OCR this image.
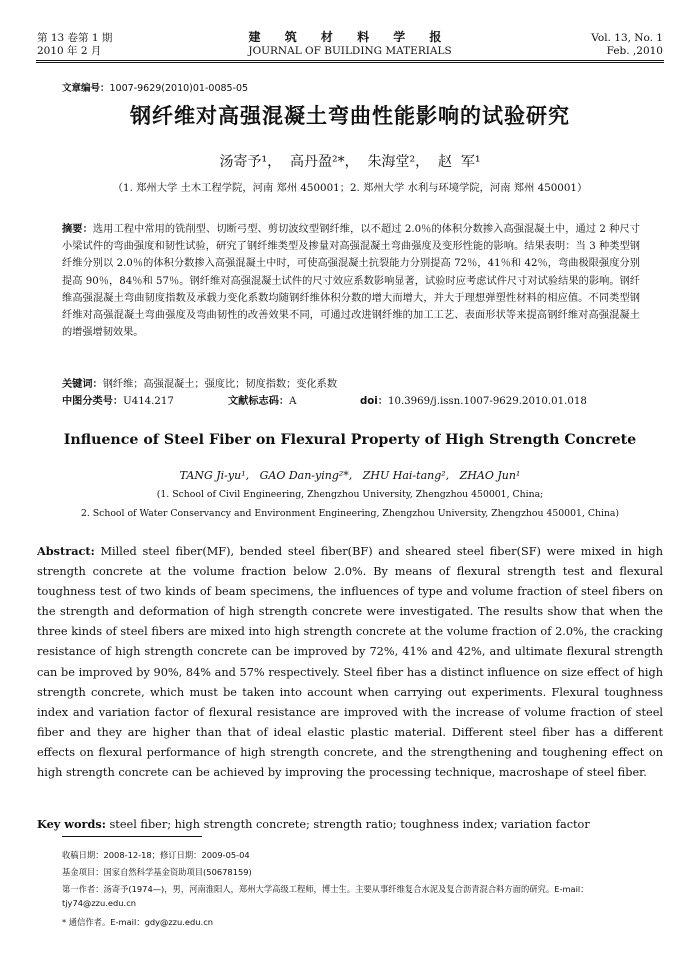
第 13 卷第 1 期
2010 年 2 月
建 筑 材 料 学 报
JOURNAL OF BUILDING MATERIALS
Vol. 13, No. 1
Feb. ,2010
文章编号：1007-9629(2010)01-0085-05
钢纤维对高强混凝土弯曲性能影响的试验研究
汤寄予¹，  高丹盈²*，  朱海堂²，  赵  军¹
（1. 郑州大学 土木工程学院，河南 郑州 450001；2. 郑州大学 水利与环境学院，河南 郑州 450001）
摘要：选用工程中常用的铣削型、切断弓型、剪切波纹型钢纤维，以不超过 2.0％的体积分数掺入高强混凝土中，通过 2 种尺寸小梁试件的弯曲强度和韧性试验，研究了钢纤维类型及掺量对高强混凝土弯曲强度及变形性能的影响。结果表明：当 3 种类型钢纤维分别以 2.0％的体积分数掺入高强混凝土中时，可使高强混凝土抗裂能力分别提高 72％，41％和 42％，弯曲极限强度分别提高 90％，84％和 57％。钢纤维对高强混凝土试件的尺寸效应系数影响显著，试验时应考虑试件尺寸对试验结果的影响。钢纤维高强混凝土弯曲韧度指数及承载力变化系数均随钢纤维体积分数的增大而增大，并大于理想弹塑性材料的相应值。不同类型钢纤维对高强混凝土弯曲强度及弯曲韧性的改善效果不同，可通过改进钢纤维的加工工艺、表面形状等来提高钢纤维对高强混凝土的增强增韧效果。
关键词：钢纤维；高强混凝土；强度比；韧度指数；变化系数
中图分类号：U414.217	文献标志码：A	doi：10.3969/j.issn.1007-9629.2010.01.018
Influence of Steel Fiber on Flexural Property of High Strength Concrete
TANG Ji-yu¹,   GAO Dan-ying²*,   ZHU Hai-tang²,   ZHAO Jun¹
(1. School of Civil Engineering, Zhengzhou University, Zhengzhou 450001, China;
2. School of Water Conservancy and Environment Engineering, Zhengzhou University, Zhengzhou 450001, China)
Abstract: Milled steel fiber(MF), bended steel fiber(BF) and sheared steel fiber(SF) were mixed in high strength concrete at the volume fraction below 2.0%. By means of flexural strength test and flexural toughness test of two kinds of beam specimens, the influences of type and volume fraction of steel fibers on the strength and deformation of high strength concrete were investigated. The results show that when the three kinds of steel fibers are mixed into high strength concrete at the volume fraction of 2.0%, the cracking resistance of high strength concrete can be improved by 72%, 41% and 42%, and ultimate flexural strength can be improved by 90%, 84% and 57% respectively. Steel fiber has a distinct influence on size effect of high strength concrete, which must be taken into account when carrying out experiments. Flexural toughness index and variation factor of flexural resistance are improved with the increase of volume fraction of steel fiber and they are higher than that of ideal elastic plastic material. Different steel fiber has a different effects on flexural performance of high strength concrete, and the strengthening and toughening effect on high strength concrete can be achieved by improving the processing technique, macroshape of steel fiber.
Key words: steel fiber; high strength concrete; strength ratio; toughness index; variation factor
收稿日期：2008-12-18；修订日期：2009-05-04
基金项目：国家自然科学基金资助项目(50678159)
第一作者：汤寄予(1974—)，男，河南淮阳人，郑州大学高级工程师，博士生。主要从事纤维复合水泥及复合沥青混合料方面的研究。E-mail：tjy74@zzu.edu.cn
* 通信作者。E-mail：gdy@zzu.edu.cn
